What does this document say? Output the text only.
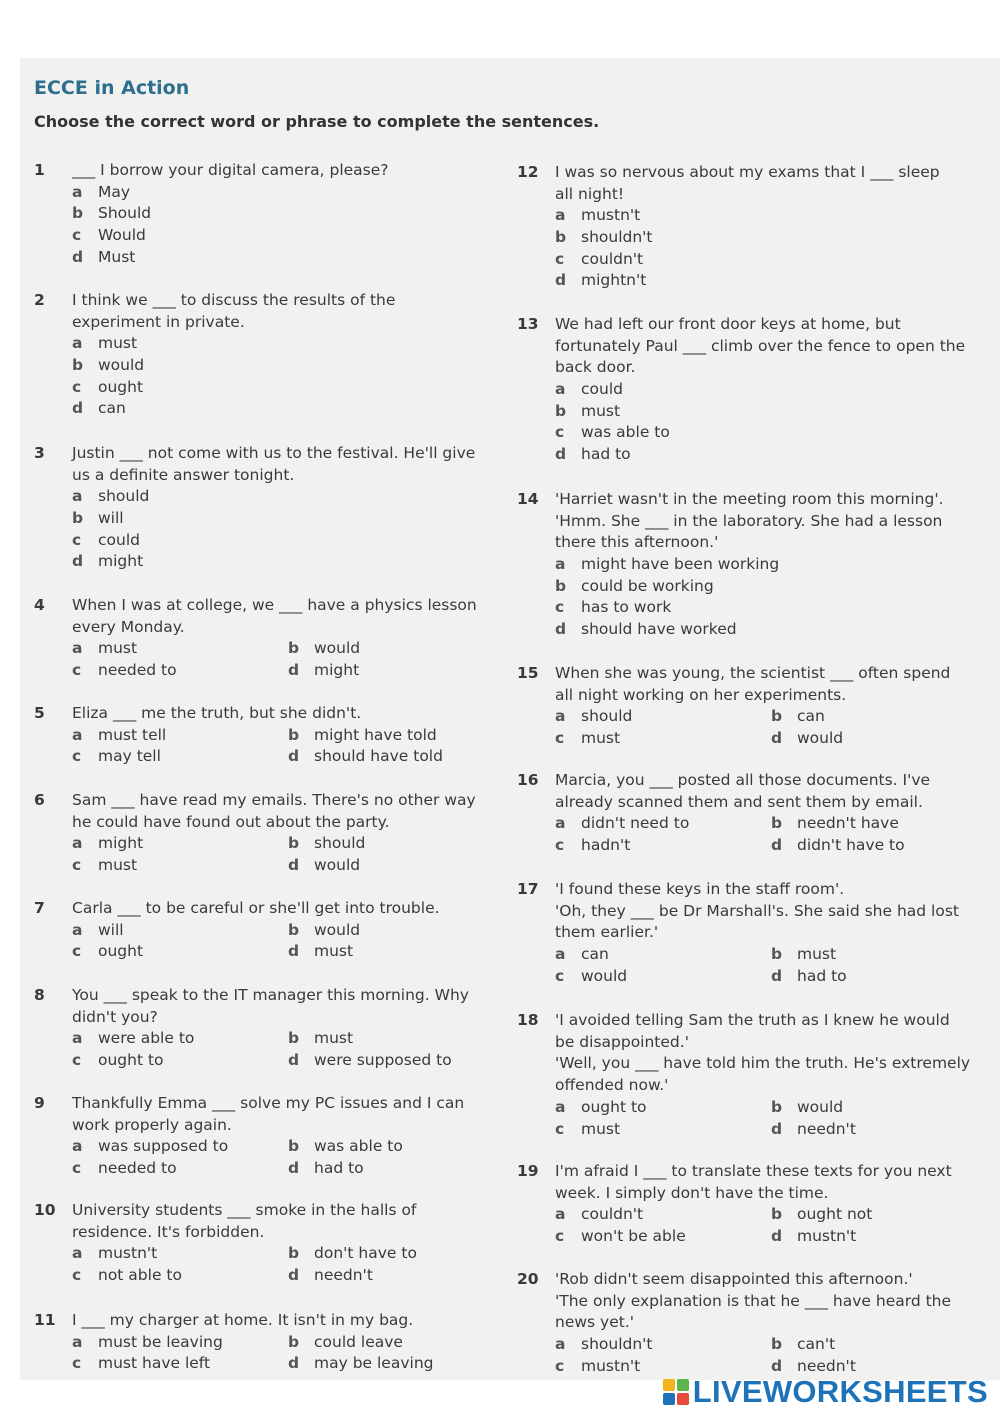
ECCE in Action
Choose the correct word or phrase to complete the sentences.
1	___ I borrow your digital camera, please?
a May
b Should
c Would
d Must
2	I think we ___ to discuss the results of the
experiment in private.
a must
b would
c ought
d can
3	Justin ___ not come with us to the festival. He'll give
us a definite answer tonight.
a should
b will
c could
d might
4	When I was at college, we ___ have a physics lesson
every Monday.
a must	b would
c needed to	d might
5	Eliza ___ me the truth, but she didn't.
a must tell	b might have told
c may tell	d should have told
6	Sam ___ have read my emails. There's no other way
he could have found out about the party.
a might	b should
c must	d would
7	Carla ___ to be careful or she'll get into trouble.
a will	b would
c ought	d must
8	You ___ speak to the IT manager this morning. Why
didn't you?
a were able to	b must
c ought to	d were supposed to
9	Thankfully Emma ___ solve my PC issues and I can
work properly again.
a was supposed to	b was able to
c needed to	d had to
10	University students ___ smoke in the halls of
residence. It's forbidden.
a mustn't	b don't have to
c not able to	d needn't
11	I ___ my charger at home. It isn't in my bag.
a must be leaving	b could leave
c must have left	d may be leaving
12	I was so nervous about my exams that I ___ sleep
all night!
a mustn't
b shouldn't
c couldn't
d mightn't
13	We had left our front door keys at home, but
fortunately Paul ___ climb over the fence to open the
back door.
a could
b must
c was able to
d had to
14	'Harriet wasn't in the meeting room this morning'.
'Hmm. She ___ in the laboratory. She had a lesson
there this afternoon.'
a might have been working
b could be working
c has to work
d should have worked
15	When she was young, the scientist ___ often spend
all night working on her experiments.
a should	b can
c must	d would
16	Marcia, you ___ posted all those documents. I've
already scanned them and sent them by email.
a didn't need to	b needn't have
c hadn't	d didn't have to
17	'I found these keys in the staff room'.
'Oh, they ___ be Dr Marshall's. She said she had lost
them earlier.'
a can	b must
c would	d had to
18	'I avoided telling Sam the truth as I knew he would
be disappointed.'
'Well, you ___ have told him the truth. He's extremely
offended now.'
a ought to	b would
c must	d needn't
19	I'm afraid I ___ to translate these texts for you next
week. I simply don't have the time.
a couldn't	b ought not
c won't be able	d mustn't
20	'Rob didn't seem disappointed this afternoon.'
'The only explanation is that he ___ have heard the
news yet.'
a shouldn't	b can't
c mustn't	d needn't
LIVEWORKSHEETS
